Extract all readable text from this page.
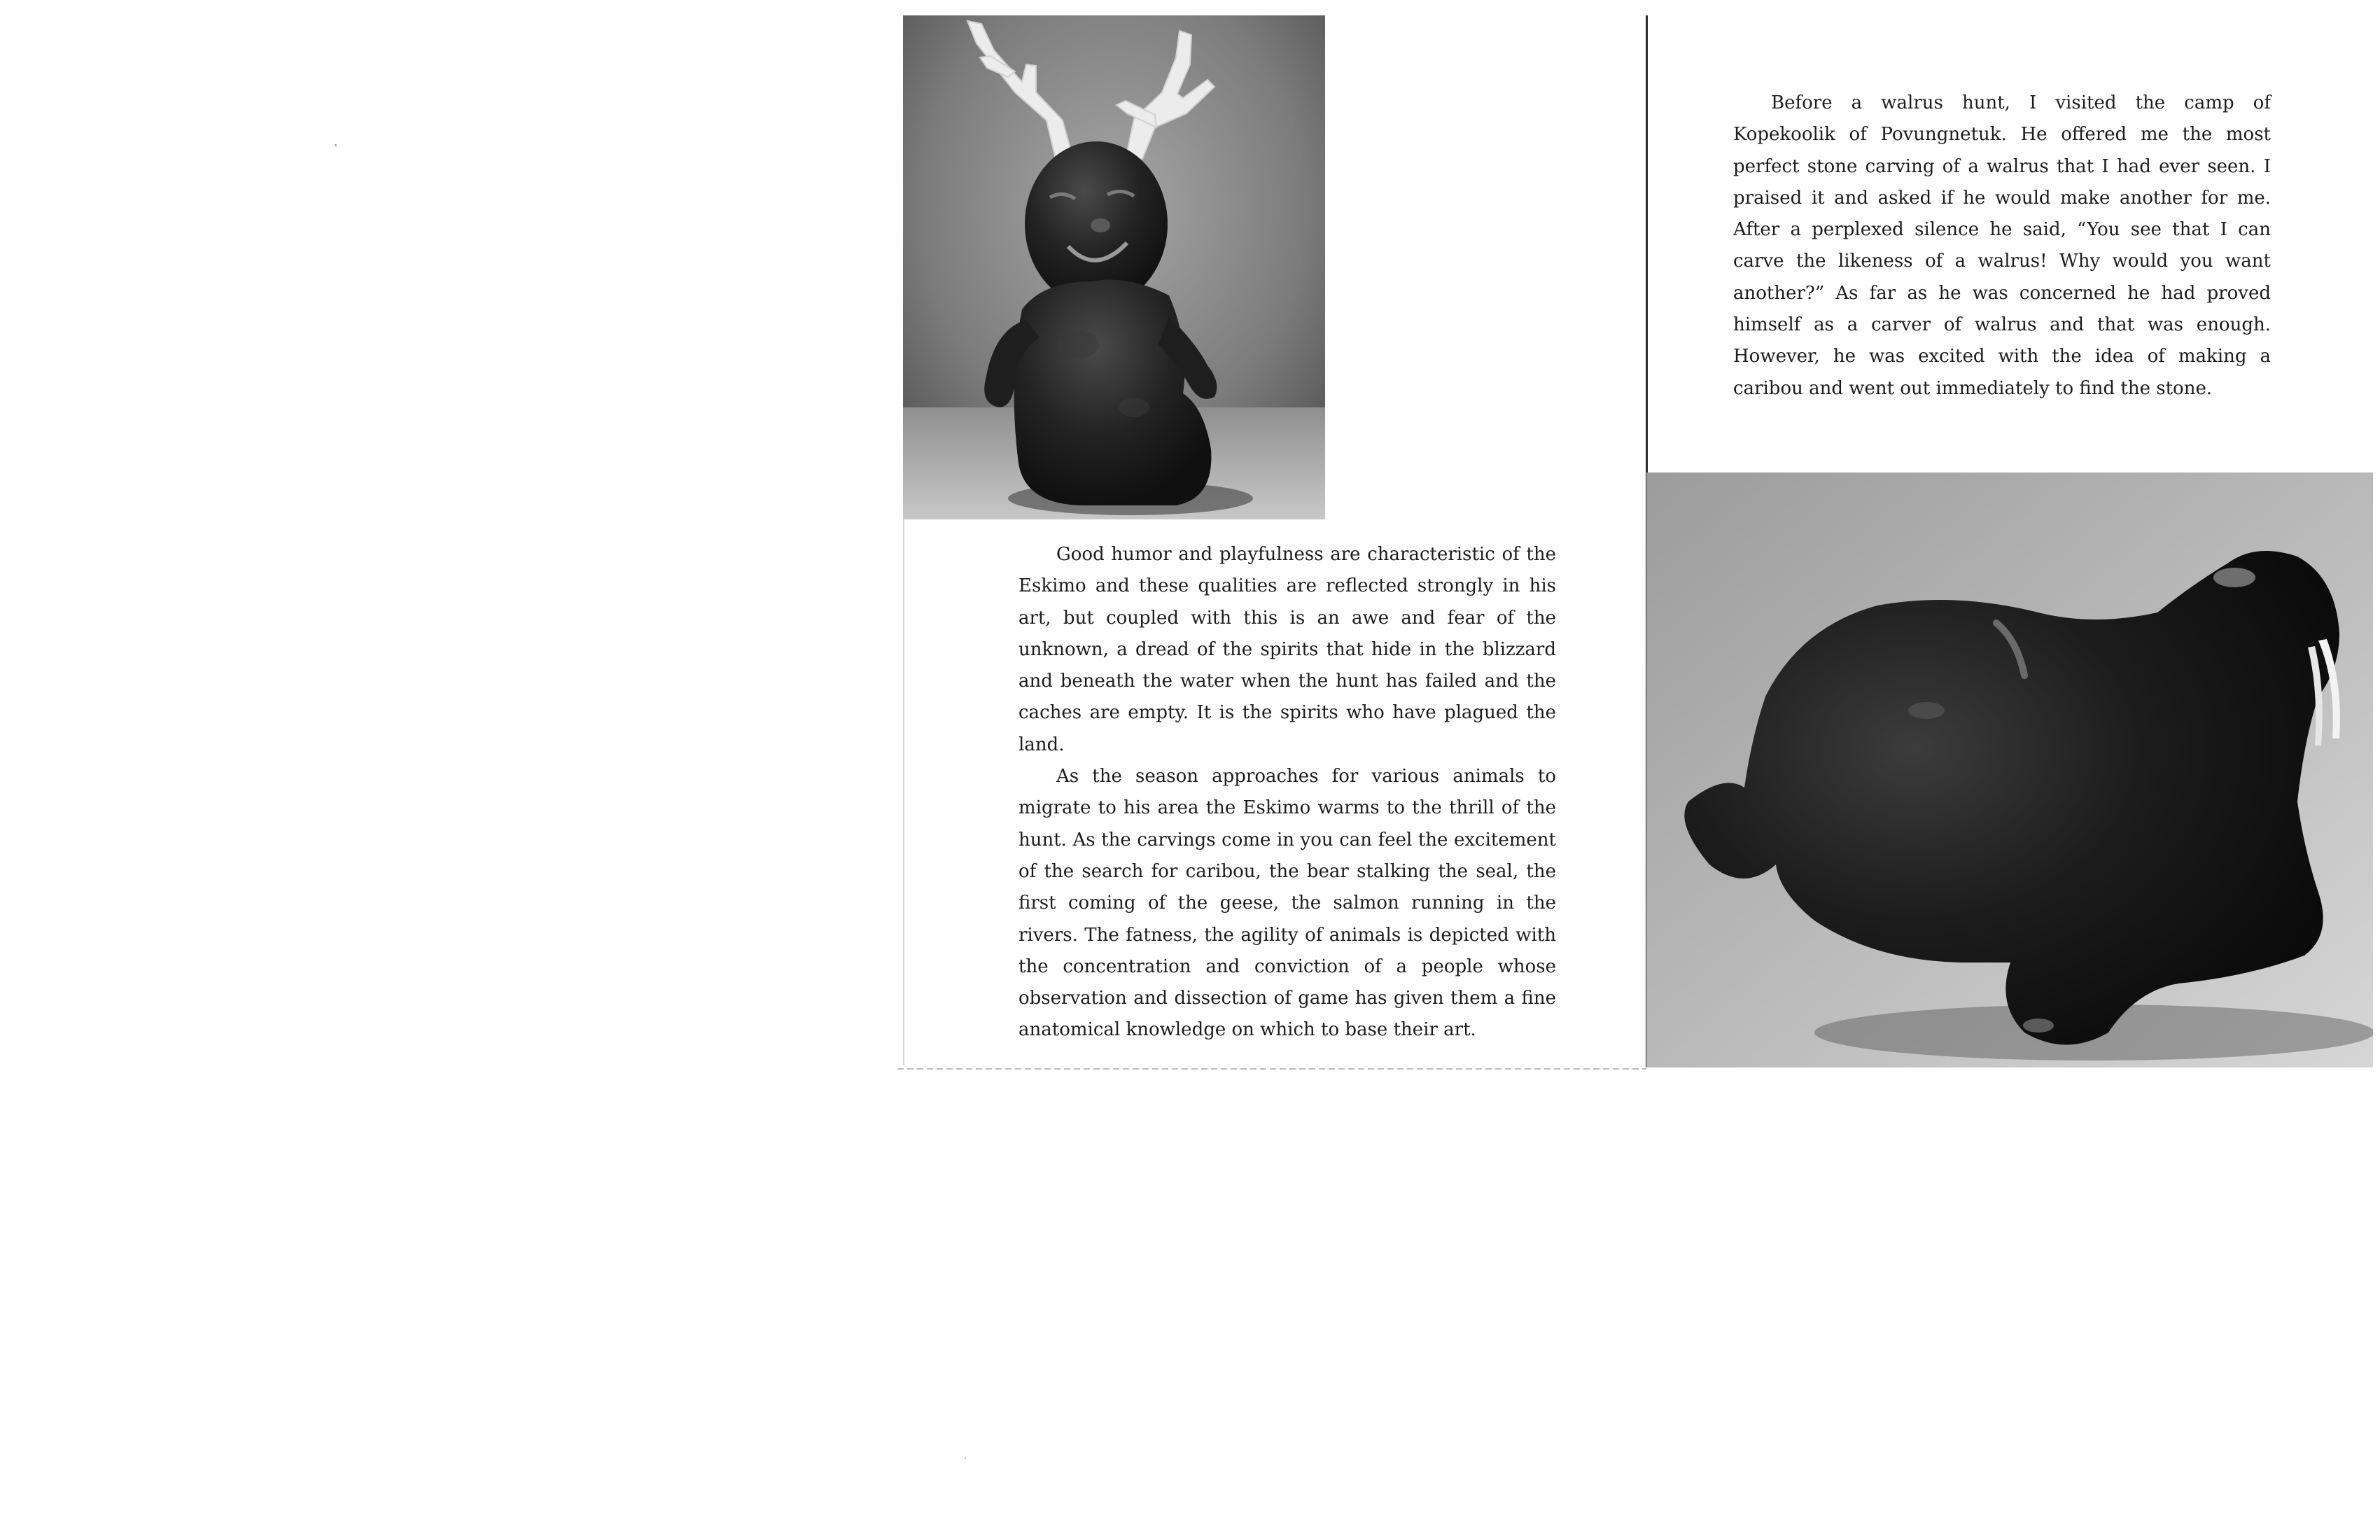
Good humor and playfulness are characteristic of the Eskimo and these qualities are reflected strongly in his art, but coupled with this is an awe and fear of the unknown, a dread of the spirits that hide in the blizzard and beneath the water when the hunt has failed and the caches are empty. It is the spirits who have plagued the land.

As the season approaches for various animals to migrate to his area the Eskimo warms to the thrill of the hunt. As the carvings come in you can feel the excitement of the search for caribou, the bear stalking the seal, the first coming of the geese, the salmon running in the rivers. The fatness, the agility of animals is depicted with the concentration and conviction of a people whose observation and dissection of game has given them a fine anatomical knowledge on which to base their art.

Before a walrus hunt, I visited the camp of Kopekoolik of Povungnetuk. He offered me the most perfect stone carving of a walrus that I had ever seen. I praised it and asked if he would make another for me. After a perplexed silence he said, “You see that I can carve the likeness of a walrus! Why would you want another?” As far as he was concerned he had proved himself as a carver of walrus and that was enough. However, he was excited with the idea of making a caribou and went out immediately to find the stone.
